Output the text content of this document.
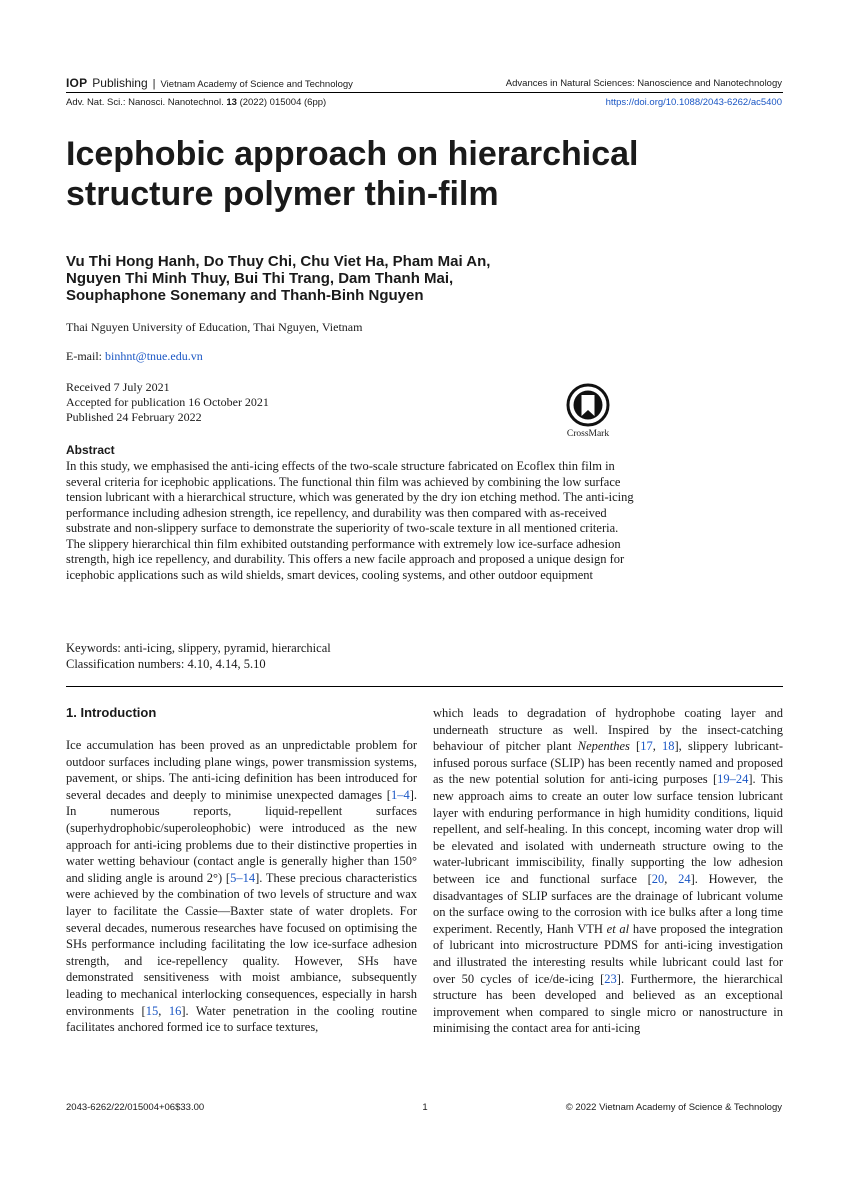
IOP Publishing | Vietnam Academy of Science and Technology	Advances in Natural Sciences: Nanoscience and Nanotechnology
Adv. Nat. Sci.: Nanosci. Nanotechnol. 13 (2022) 015004 (6pp)	https://doi.org/10.1088/2043-6262/ac5400
Icephobic approach on hierarchical structure polymer thin-film
Vu Thi Hong Hanh, Do Thuy Chi, Chu Viet Ha, Pham Mai An,
Nguyen Thi Minh Thuy, Bui Thi Trang, Dam Thanh Mai,
Souphaphone Sonemany and Thanh-Binh Nguyen
Thai Nguyen University of Education, Thai Nguyen, Vietnam
E-mail: binhnt@tnue.edu.vn
Received 7 July 2021
Accepted for publication 16 October 2021
Published 24 February 2022
CrossMark
Abstract

In this study, we emphasised the anti-icing effects of the two-scale structure fabricated on Ecoflex thin film in several criteria for icephobic applications. The functional thin film was achieved by combining the low surface tension lubricant with a hierarchical structure, which was generated by the dry ion etching method. The anti-icing performance including adhesion strength, ice repellency, and durability was then compared with as-received substrate and non-slippery surface to demonstrate the superiority of two-scale texture in all mentioned criteria. The slippery hierarchical thin film exhibited outstanding performance with extremely low ice-surface adhesion strength, high ice repellency, and durability. This offers a new facile approach and proposed a unique design for icephobic applications such as wild shields, smart devices, cooling systems, and other outdoor equipment

Keywords: anti-icing, slippery, pyramid, hierarchical
Classification numbers: 4.10, 4.14, 5.10
1. Introduction

Ice accumulation has been proved as an unpredictable problem for outdoor surfaces including plane wings, power transmission systems, pavement, or ships. The anti-icing definition has been introduced for several decades and deeply to minimise unexpected damages [1–4]. In numerous reports, liquid-repellent surfaces (superhydrophobic/superoleophobic) were introduced as the new approach for anti-icing problems due to their distinctive properties in water wetting behaviour (contact angle is generally higher than 150° and sliding angle is around 2°) [5–14]. These precious characteristics were achieved by the combination of two levels of structure and wax layer to facilitate the Cassie—Baxter state of water droplets. For several decades, numerous researches have focused on optimising the SHs performance including facilitating the low ice-surface adhesion strength, and ice-repellency quality. However, SHs have demonstrated sensitiveness with moist ambiance, subsequently leading to mechanical interlocking consequences, especially in harsh environments [15, 16]. Water penetration in the cooling routine facilitates anchored formed ice to surface textures,

which leads to degradation of hydrophobe coating layer and underneath structure as well. Inspired by the insect-catching behaviour of pitcher plant Nepenthes [17, 18], slippery lubricant-infused porous surface (SLIP) has been recently named and proposed as the new potential solution for anti-icing purposes [19–24]. This new approach aims to create an outer low surface tension lubricant layer with enduring performance in high humidity conditions, liquid repellent, and self-healing. In this concept, incoming water drop will be elevated and isolated with underneath structure owing to the water-lubricant immiscibility, finally supporting the low adhesion between ice and functional surface [20, 24]. However, the disadvantages of SLIP surfaces are the drainage of lubricant volume on the surface owing to the corrosion with ice bulks after a long time experiment. Recently, Hanh VTH et al have proposed the integration of lubricant into microstructure PDMS for anti-icing investigation and illustrated the interesting results while lubricant could last for over 50 cycles of ice/de-icing [23]. Furthermore, the hierarchical structure has been developed and believed as an exceptional improvement when compared to single micro or nanostructure in minimising the contact area for anti-icing

2043-6262/22/015004+06$33.00	1	© 2022 Vietnam Academy of Science & Technology
